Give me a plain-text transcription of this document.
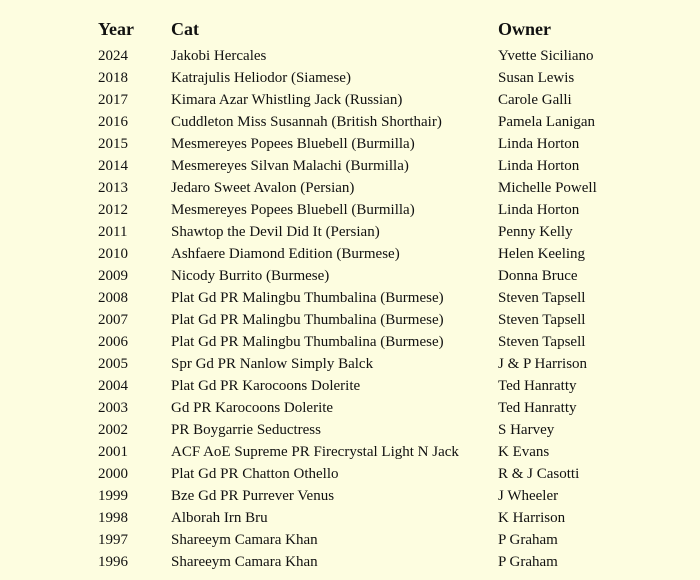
Year	Cat	Owner
2024	Jakobi Hercales	Yvette Siciliano
2018	Katrajulis Heliodor (Siamese)	Susan Lewis
2017	Kimara Azar Whistling Jack (Russian)	Carole Galli
2016	Cuddleton Miss Susannah (British Shorthair)	Pamela Lanigan
2015	Mesmereyes Popees Bluebell (Burmilla)	Linda Horton
2014	Mesmereyes Silvan Malachi (Burmilla)	Linda Horton
2013	Jedaro Sweet Avalon (Persian)	Michelle Powell
2012	Mesmereyes Popees Bluebell (Burmilla)	Linda Horton
2011	Shawtop the Devil Did It (Persian)	Penny Kelly
2010	Ashfaere Diamond Edition (Burmese)	Helen Keeling
2009	Nicody Burrito (Burmese)	Donna Bruce
2008	Plat Gd PR Malingbu Thumbalina (Burmese)	Steven Tapsell
2007	Plat Gd PR Malingbu Thumbalina (Burmese)	Steven Tapsell
2006	Plat Gd PR Malingbu Thumbalina (Burmese)	Steven Tapsell
2005	Spr Gd PR Nanlow Simply Balck	J & P Harrison
2004	Plat Gd PR Karocoons Dolerite	Ted Hanratty
2003	Gd PR Karocoons Dolerite	Ted Hanratty
2002	PR Boygarrie Seductress	S Harvey
2001	ACF AoE Supreme PR Firecrystal Light N Jack	K Evans
2000	Plat Gd PR Chatton Othello	R & J Casotti
1999	Bze Gd PR Purrever Venus	J Wheeler
1998	Alborah Irn Bru	K Harrison
1997	Shareeym Camara Khan	P Graham
1996	Shareeym Camara Khan	P Graham
